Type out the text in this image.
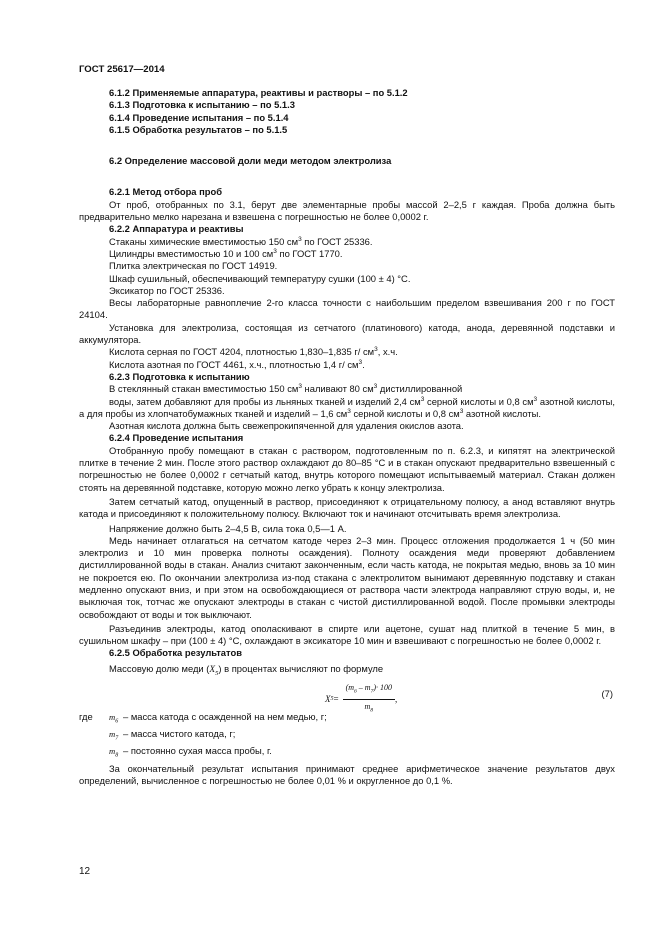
ГОСТ 25617—2014
6.1.2 Применяемые аппаратура, реактивы и растворы – по 5.1.2
6.1.3 Подготовка к испытанию – по 5.1.3
6.1.4 Проведение испытания – по 5.1.4
6.1.5 Обработка результатов – по 5.1.5
6.2 Определение массовой доли меди методом электролиза
6.2.1 Метод отбора проб

От проб, отобранных по 3.1, берут две элементарные пробы массой 2–2,5 г каждая. Проба должна быть предварительно мелко нарезана и взвешена с погрешностью не более 0,0002 г.

6.2.2 Аппаратура и реактивы

Стаканы химические вместимостью 150 $см^3$ по ГОСТ 25336.

Цилиндры вместимостью 10 и 100 $см^3$ по ГОСТ 1770.

Плитка электрическая по ГОСТ 14919.

Шкаф сушильный, обеспечивающий температуру сушки (100 ± 4) °С.

Эксикатор по ГОСТ 25336.

Весы лабораторные равноплечие 2-го класса точности с наибольшим пределом взвешивания 200 г по ГОСТ 24104.

Установка для электролиза, состоящая из сетчатого (платинового) катода, анода, деревянной подставки и аккумулятора.

Кислота серная по ГОСТ 4204, плотностью 1,830–1,835 г/ $см^3$, х.ч.

Кислота азотная по ГОСТ 4461, х.ч., плотностью 1,4 г/ $см^3$.

6.2.3 Подготовка к испытанию

В стеклянный стакан вместимостью 150 $см^3$ наливают 80 $см^3$ дистиллированной

воды, затем добавляют для пробы из льняных тканей и изделий 2,4 $см^3$ серной кислоты и 0,8 $см^3$ азотной кислоты, а для пробы из хлопчатобумажных тканей и изделий – 1,6 $см^3$ серной кислоты и 0,8 $см^3$ азотной кислоты.

Азотная кислота должна быть свежепрокипяченной для удаления окислов азота.

6.2.4 Проведение испытания

Отобранную пробу помещают в стакан с раствором, подготовленным по п. 6.2.3, и кипятят на электрической плитке в течение 2 мин. После этого раствор охлаждают до 80–85 °С и в стакан опускают предварительно взвешенный с погрешностью не более 0,0002 г сетчатый катод, внутрь которого помещают испытываемый материал. Стакан должен стоять на деревянной подставке, которую можно легко убрать к концу электролиза.

Затем сетчатый катод, опущенный в раствор, присоединяют к отрицательному полюсу, а анод вставляют внутрь катода и присоединяют к положительному полюсу. Включают ток и начинают отсчитывать время электролиза.

Напряжение должно быть 2–4,5 В, сила тока 0,5—1 А.

Медь начинает отлагаться на сетчатом катоде через 2–3 мин. Процесс отложения продолжается 1 ч (50 мин электролиз и 10 мин проверка полноты осаждения). Полноту осаждения меди проверяют добавлением дистиллированной воды в стакан. Анализ считают законченным, если часть катода, не покрытая медью, вновь за 10 мин не покроется ею. По окончании электролиза из-под стакана с электролитом вынимают деревянную подставку и стакан медленно опускают вниз, и при этом на освобождающиеся от раствора части электрода направляют струю воды, и, не выключая ток, тотчас же опускают электроды в стакан с чистой дистиллированной водой. После промывки электроды освобождают от воды и ток выключают.

Разъединив электроды, катод ополаскивают в спирте или ацетоне, сушат над плиткой в течение 5 мин, в сушильном шкафу – при (100 ± 4) °С, охлаждают в эксикаторе 10 мин и взвешивают с погрешностью не более 0,0002 г.

6.2.5 Обработка результатов

Массовую долю меди $(X_5)$ в процентах вычисляют по формуле

X $5 = \frac{(m_6 - m_7)\cdot 100}{m_8}$ ,
(7)
где $m_6$ – масса катода с осажденной на нем медью, г;
$m_7$ – масса чистого катода, г;
$m_8$ – постоянно сухая масса пробы, г.

За окончательный результат испытания принимают среднее арифметическое значение результатов двух определений, вычисленное с погрешностью не более 0,01 % и округленное до 0,1 %.

12
